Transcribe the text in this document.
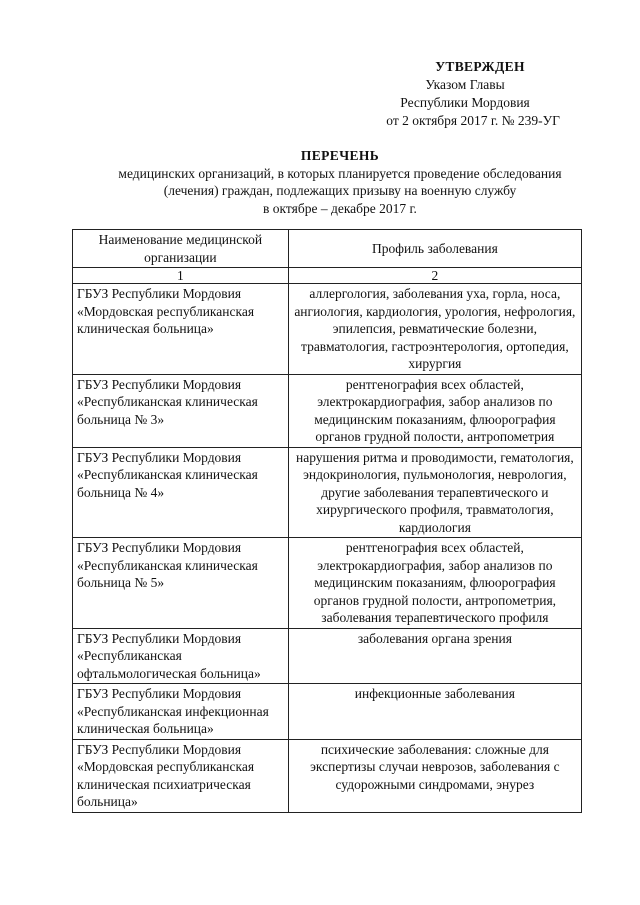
УТВЕРЖДЕН
Указом Главы
Республики Мордовия
от 2 октября 2017 г. № 239-УГ
ПЕРЕЧЕНЬ
медицинских организаций, в которых планируется проведение обследования
(лечения) граждан, подлежащих призыву на военную службу
в октябре – декабре 2017 г.
Наименование медицинской организации	Профиль заболевания
1	2
ГБУЗ Республики Мордовия «Мордовская республиканская клиническая больница»	аллергология, заболевания уха, горла, носа, ангиология, кардиология, урология, нефрология, эпилепсия, ревматические болезни, травматология, гастроэнтерология, ортопедия, хирургия
ГБУЗ Республики Мордовия «Республиканская клиническая больница № 3»	рентгенография всех областей, электрокардиография, забор анализов по медицинским показаниям, флюорография органов грудной полости, антропометрия
ГБУЗ Республики Мордовия «Республиканская клиническая больница № 4»	нарушения ритма и проводимости, гематология, эндокринология, пульмонология, неврология, другие заболевания терапевтического и хирургического профиля, травматология, кардиология
ГБУЗ Республики Мордовия «Республиканская клиническая больница № 5»	рентгенография всех областей, электрокардиография, забор анализов по медицинским показаниям, флюорография органов грудной полости, антропометрия, заболевания терапевтического профиля
ГБУЗ Республики Мордовия «Республиканская офтальмологическая больница»	заболевания органа зрения
ГБУЗ Республики Мордовия «Республиканская инфекционная клиническая больница»	инфекционные заболевания
ГБУЗ Республики Мордовия «Мордовская республиканская клиническая психиатрическая больница»	психические заболевания: сложные для экспертизы случаи неврозов, заболевания с судорожными синдромами, энурез
